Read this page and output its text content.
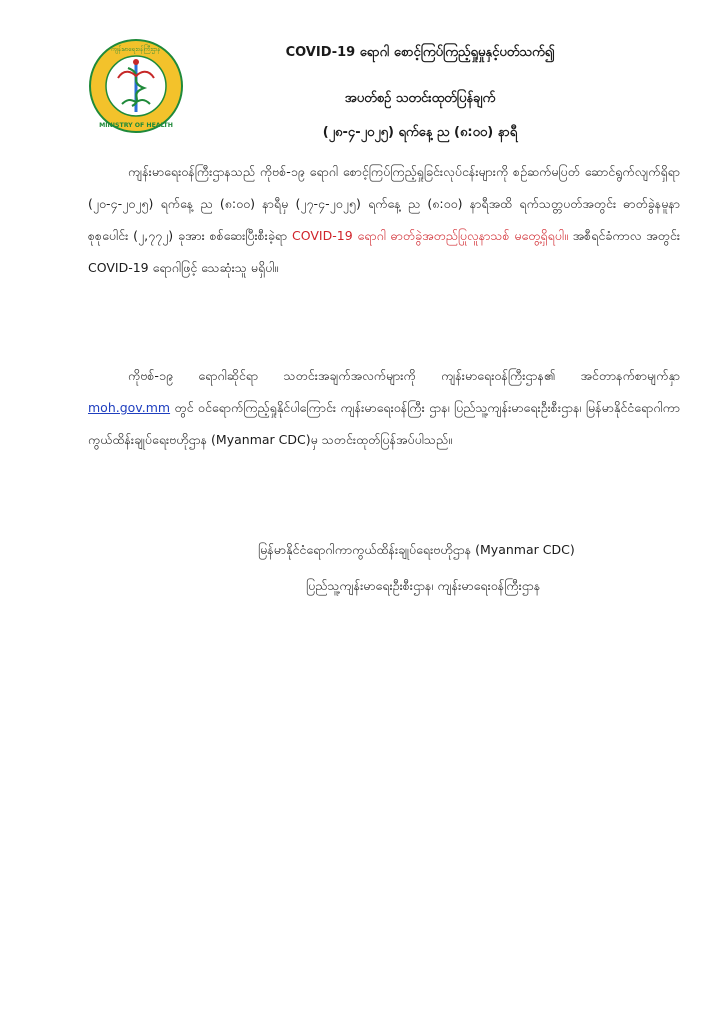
ကျန်းမာရေးဝန်ကြီးဌာန
MINISTRY OF HEALTH
COVID-19 ရောဂါ စောင့်ကြပ်ကြည့်ရှုမှုနှင့်ပတ်သက်၍
အပတ်စဉ် သတင်းထုတ်ပြန်ချက်
(၂၈-၄-၂၀၂၅) ရက်နေ့ ည (၈:၀၀) နာရီ
ကျန်းမာရေးဝန်ကြီးဌာနသည် ကိုဗစ်-၁၉ ရောဂါ စောင့်ကြပ်ကြည့်ရှုခြင်းလုပ်ငန်းများကို စဉ်ဆက်မပြတ် ဆောင်ရွက်လျက်ရှိရာ (၂၀-၄-၂၀၂၅) ရက်နေ့ ည (၈:၀၀) နာရီမှ (၂၇-၄-၂၀၂၅) ရက်နေ့ ည (၈:၀၀) နာရီအထိ ရက်သတ္တပတ်အတွင်း ဓာတ်ခွဲနမူနာစုစုပေါင်း (၂,၇၇၂) ခုအား စစ်ဆေးပြီးစီးခဲ့ရာ COVID-19 ရောဂါ ဓာတ်ခွဲအတည်ပြုလူနာသစ် မတွေ့ရှိရပါ။ အစီရင်ခံကာလ အတွင်း COVID-19 ရောဂါဖြင့် သေဆုံးသူ မရှိပါ။
ကိုဗစ်-၁၉ ရောဂါဆိုင်ရာ သတင်းအချက်အလက်များကို ကျန်းမာရေးဝန်ကြီးဌာန၏ အင်တာနက်စာမျက်နှာ moh.gov.mm တွင် ဝင်ရောက်ကြည့်ရှုနိုင်ပါကြောင်း ကျန်းမာရေးဝန်ကြီး ဌာန၊ ပြည်သူ့ကျန်းမာရေးဦးစီးဌာန၊ မြန်မာနိုင်ငံရောဂါကာကွယ်ထိန်းချုပ်ရေးဗဟိုဌာန (Myanmar CDC)မှ သတင်းထုတ်ပြန်အပ်ပါသည်။
မြန်မာနိုင်ငံရောဂါကာကွယ်ထိန်းချုပ်ရေးဗဟိုဌာန (Myanmar CDC)
ပြည်သူ့ကျန်းမာရေးဦးစီးဌာန၊ ကျန်းမာရေးဝန်ကြီးဌာန
